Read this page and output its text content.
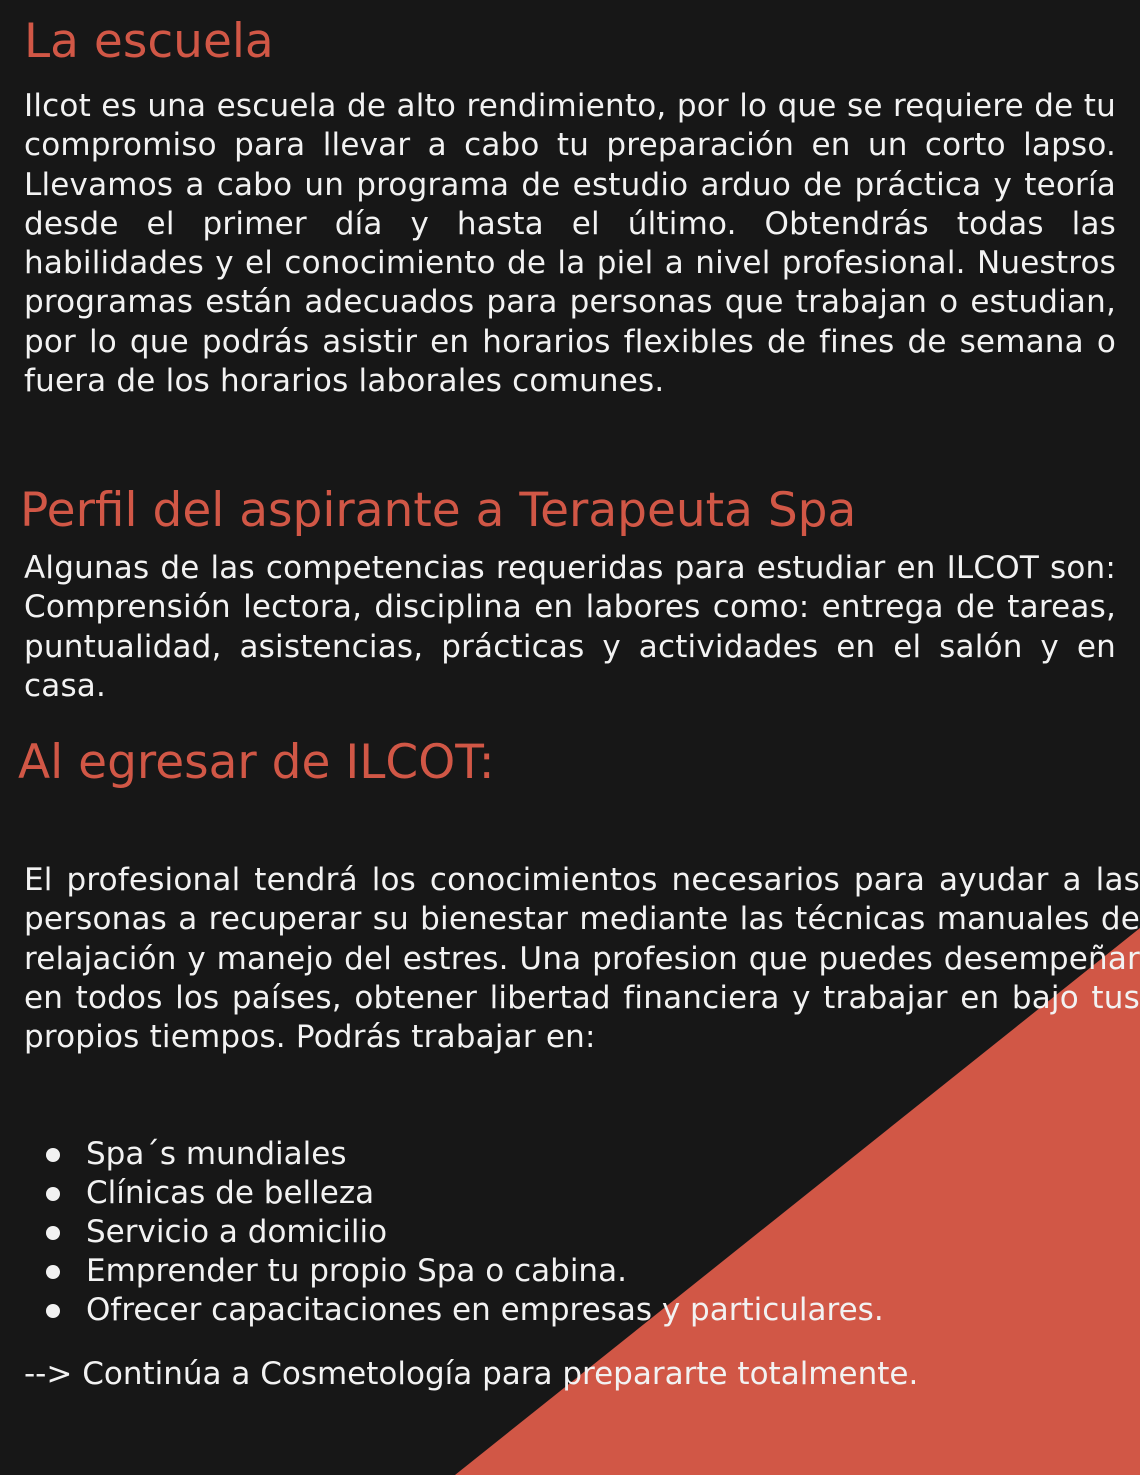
La escuela

Ilcot es una escuela de alto rendimiento, por lo que se requiere de tu compromiso para llevar a cabo tu preparación en un corto lapso. Llevamos a cabo un programa de estudio arduo de práctica y teoría desde el primer día y hasta el último. Obtendrás todas las habilidades y el conocimiento de la piel a nivel profesional. Nuestros programas están adecuados para personas que trabajan o estudian, por lo que podrás asistir en horarios flexibles de fines de semana o fuera de los horarios laborales comunes.

Perfil del aspirante a Terapeuta Spa

Algunas de las competencias requeridas para estudiar en ILCOT son: Comprensión lectora, disciplina en labores como: entrega de tareas, puntualidad, asistencias, prácticas y actividades en el salón y en casa.

Al egresar de ILCOT:

El profesional tendrá los conocimientos necesarios para ayudar a las personas a recuperar su bienestar mediante las técnicas manuales de relajación y manejo del estres. Una profesion que puedes desempeñar en todos los países, obtener libertad financiera y trabajar en bajo tus propios tiempos. Podrás trabajar en:

Spa´s mundiales
Clínicas de belleza
Servicio a domicilio
Emprender tu propio Spa o cabina.
Ofrecer capacitaciones en empresas y particulares.

--> Continúa a Cosmetología para prepararte totalmente.
